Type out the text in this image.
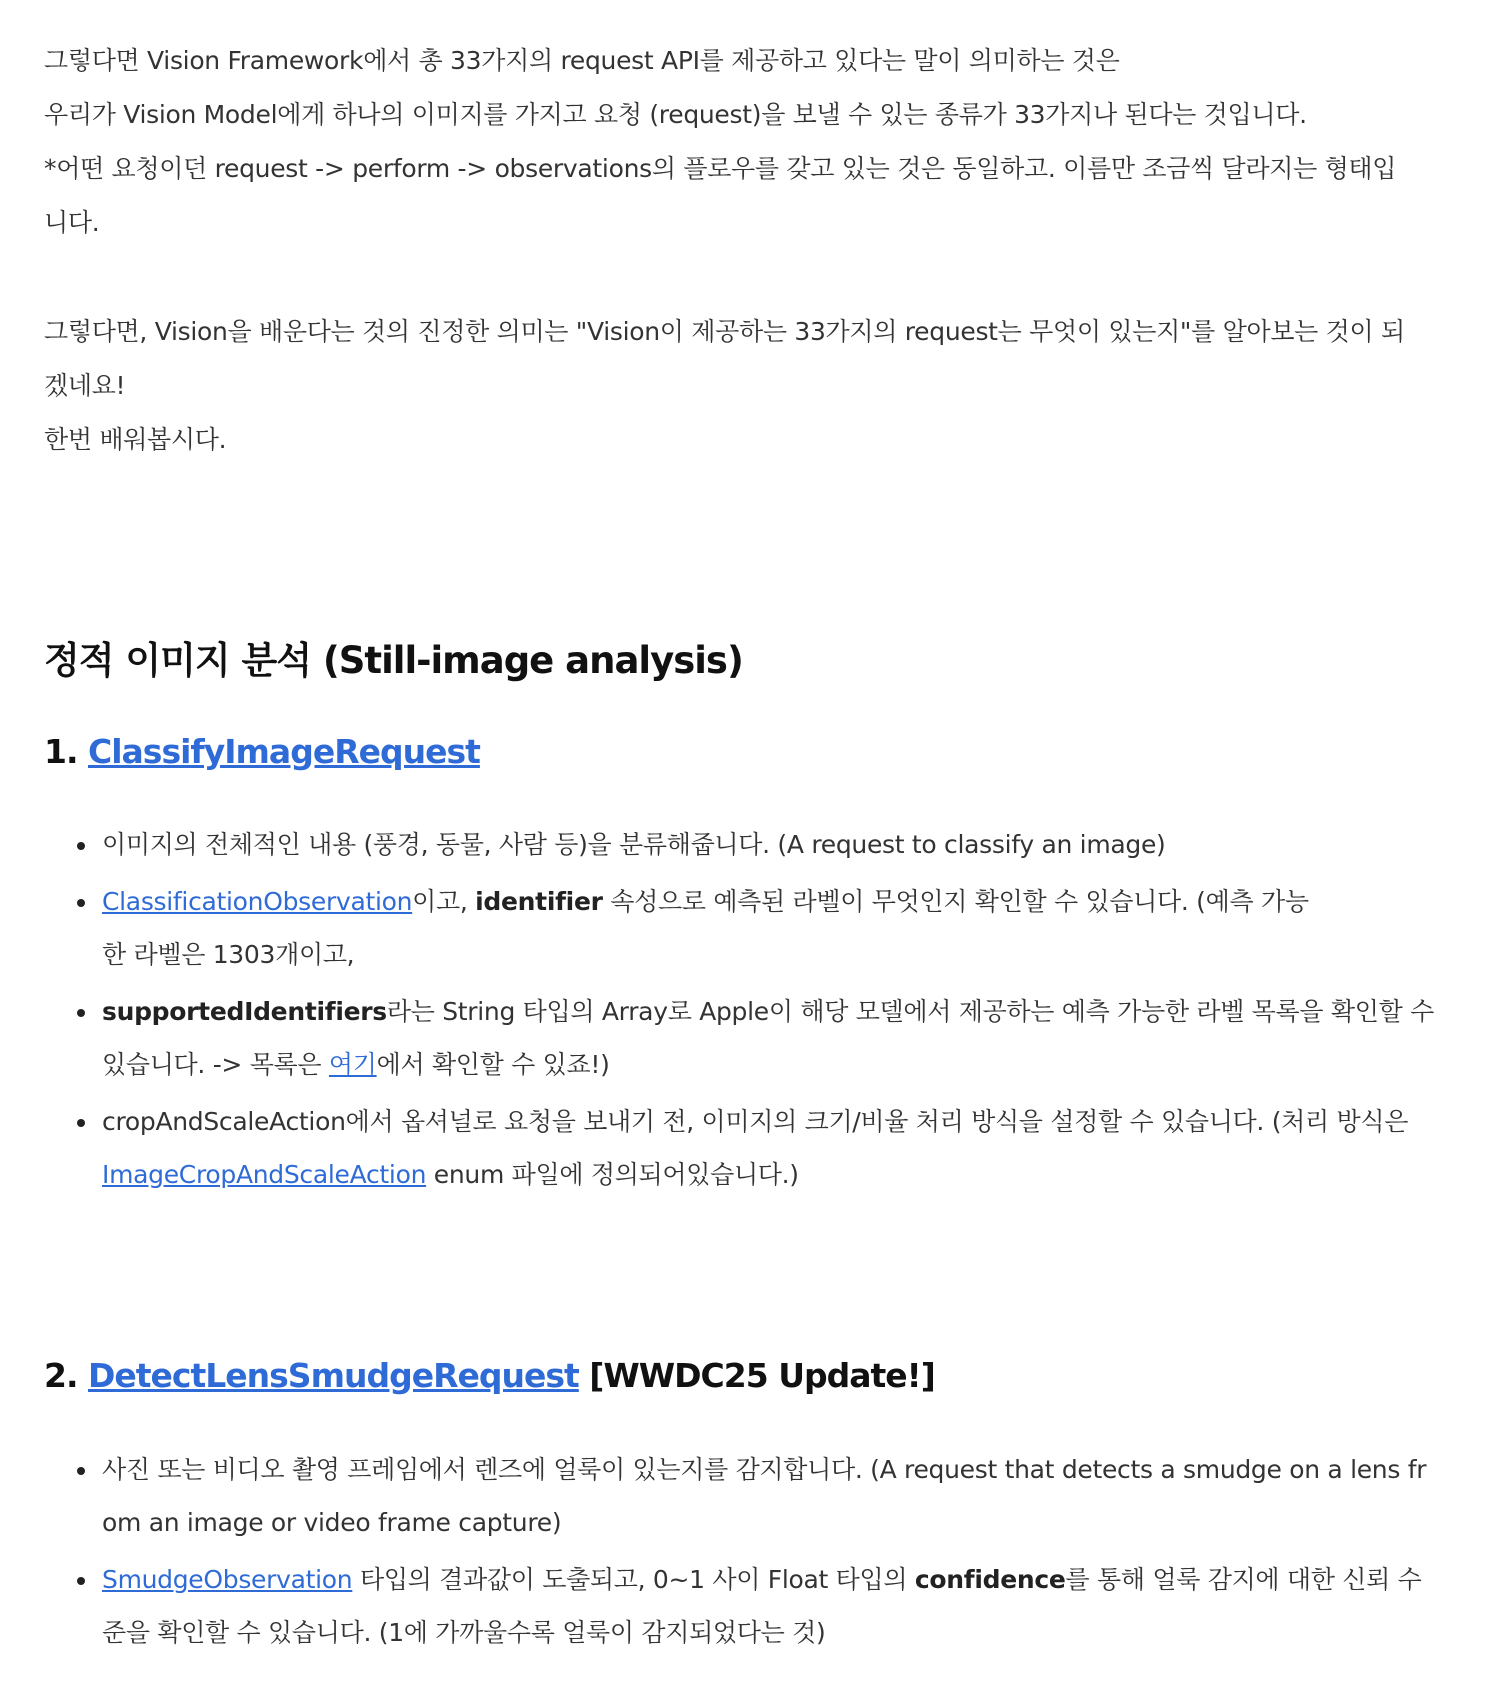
그렇다면 Vision Framework에서 총 33가지의 request API를 제공하고 있다는 말이 의미하는 것은
우리가 Vision Model에게 하나의 이미지를 가지고 요청 (request)을 보낼 수 있는 종류가 33가지나 된다는 것입니다.
*어떤 요청이던 request -> perform -> observations의 플로우를 갖고 있는 것은 동일하고. 이름만 조금씩 달라지는 형태입
니다.
그렇다면, Vision을 배운다는 것의 진정한 의미는 "Vision이 제공하는 33가지의 request는 무엇이 있는지"를 알아보는 것이 되
겠네요!
한번 배워봅시다.
정적 이미지 분석 (Still-image analysis)
1. ClassifyImageRequest
이미지의 전체적인 내용 (풍경, 동물, 사람 등)을 분류해줍니다. (A request to classify an image)
ClassificationObservation이고, identifier 속성으로 예측된 라벨이 무엇인지 확인할 수 있습니다. (예측 가능
한 라벨은 1303개이고,
supportedIdentifiers라는 String 타입의 Array로 Apple이 해당 모델에서 제공하는 예측 가능한 라벨 목록을 확인할 수
있습니다. -> 목록은 여기에서 확인할 수 있죠!)
cropAndScaleAction에서 옵셔널로 요청을 보내기 전, 이미지의 크기/비율 처리 방식을 설정할 수 있습니다. (처리 방식은
ImageCropAndScaleAction enum 파일에 정의되어있습니다.)
2. DetectLensSmudgeRequest [WWDC25 Update!]
사진 또는 비디오 촬영 프레임에서 렌즈에 얼룩이 있는지를 감지합니다. (A request that detects a smudge on a lens fr
om an image or video frame capture)
SmudgeObservation 타입의 결과값이 도출되고, 0~1 사이 Float 타입의 confidence를 통해 얼룩 감지에 대한 신뢰 수
준을 확인할 수 있습니다. (1에 가까울수록 얼룩이 감지되었다는 것)
